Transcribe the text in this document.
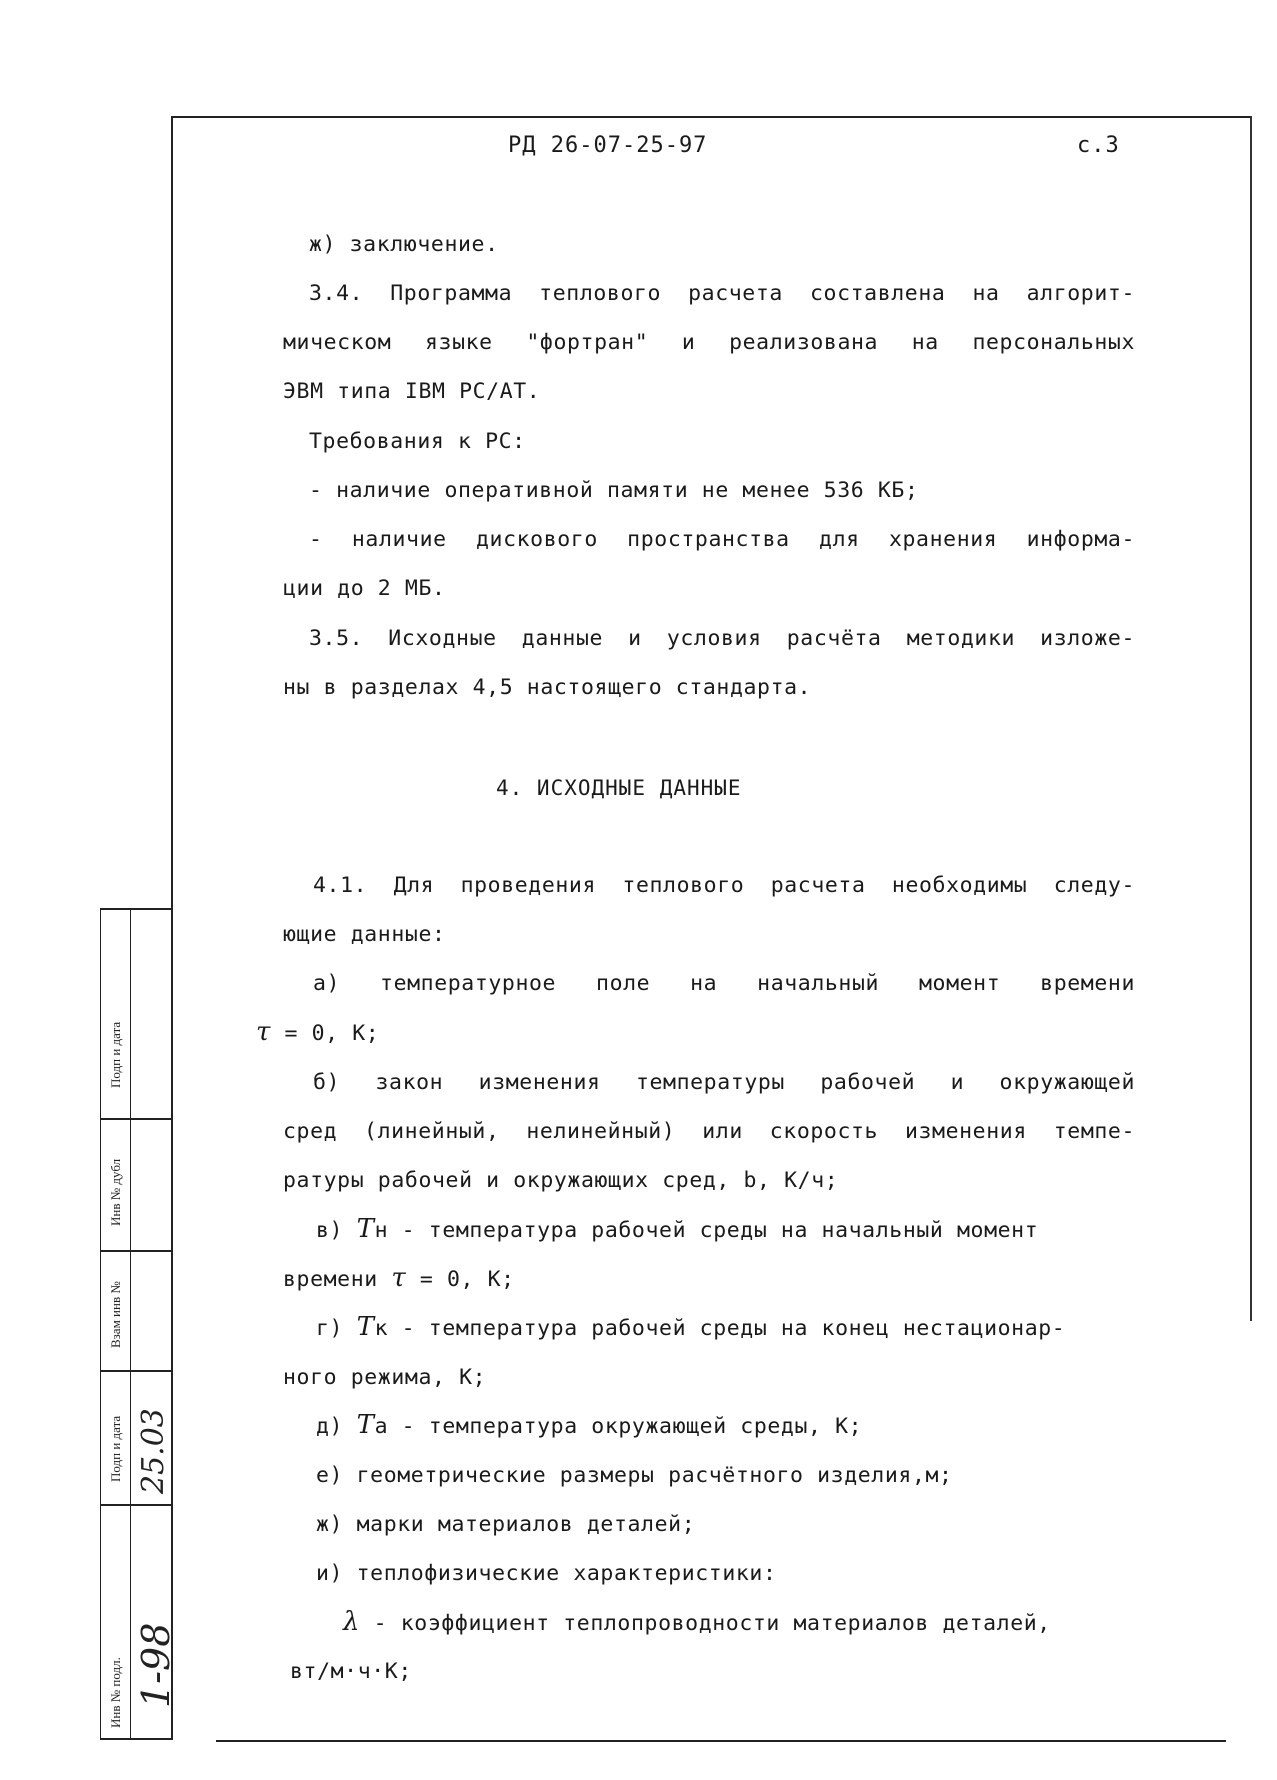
РД 26-07-25-97	с.3
ж) заключение.
3.4. Программа теплового расчета составлена на алгорит-
мическом языке "фортран" и реализована на персональных
ЭВМ типа IBM PC/AT.
Требования к PC:
- наличие оперативной памяти не менее 536 КБ;
- наличие дискового пространства для хранения информа-
ции до 2 МБ.
3.5. Исходные данные и условия расчёта методики изложе-
ны в разделах 4,5 настоящего стандарта.
4. ИСХОДНЫЕ ДАННЫЕ
4.1. Для проведения теплового расчета необходимы следу-
ющие данные:
а) температурное поле на начальный момент времени
τ = 0, К;
б) закон изменения температуры рабочей и окружающей
сред (линейный, нелинейный) или скорость изменения темпе-
ратуры рабочей и окружающих сред, b, К/ч;
в) Тн - температура рабочей среды на начальный момент
времени τ = 0, К;
г) Тк - температура рабочей среды на конец нестационар-
ного режима, К;
д) Та - температура окружающей среды, К;
е) геометрические размеры расчётного изделия,м;
ж) марки материалов деталей;
и) теплофизические характеристики:
λ - коэффициент теплопроводности материалов деталей,
вт/м·ч·К;
Подп и дата
Инв № дубл
Взам инв №
Подп и дата
Инв № подл.
25.03
1-98
